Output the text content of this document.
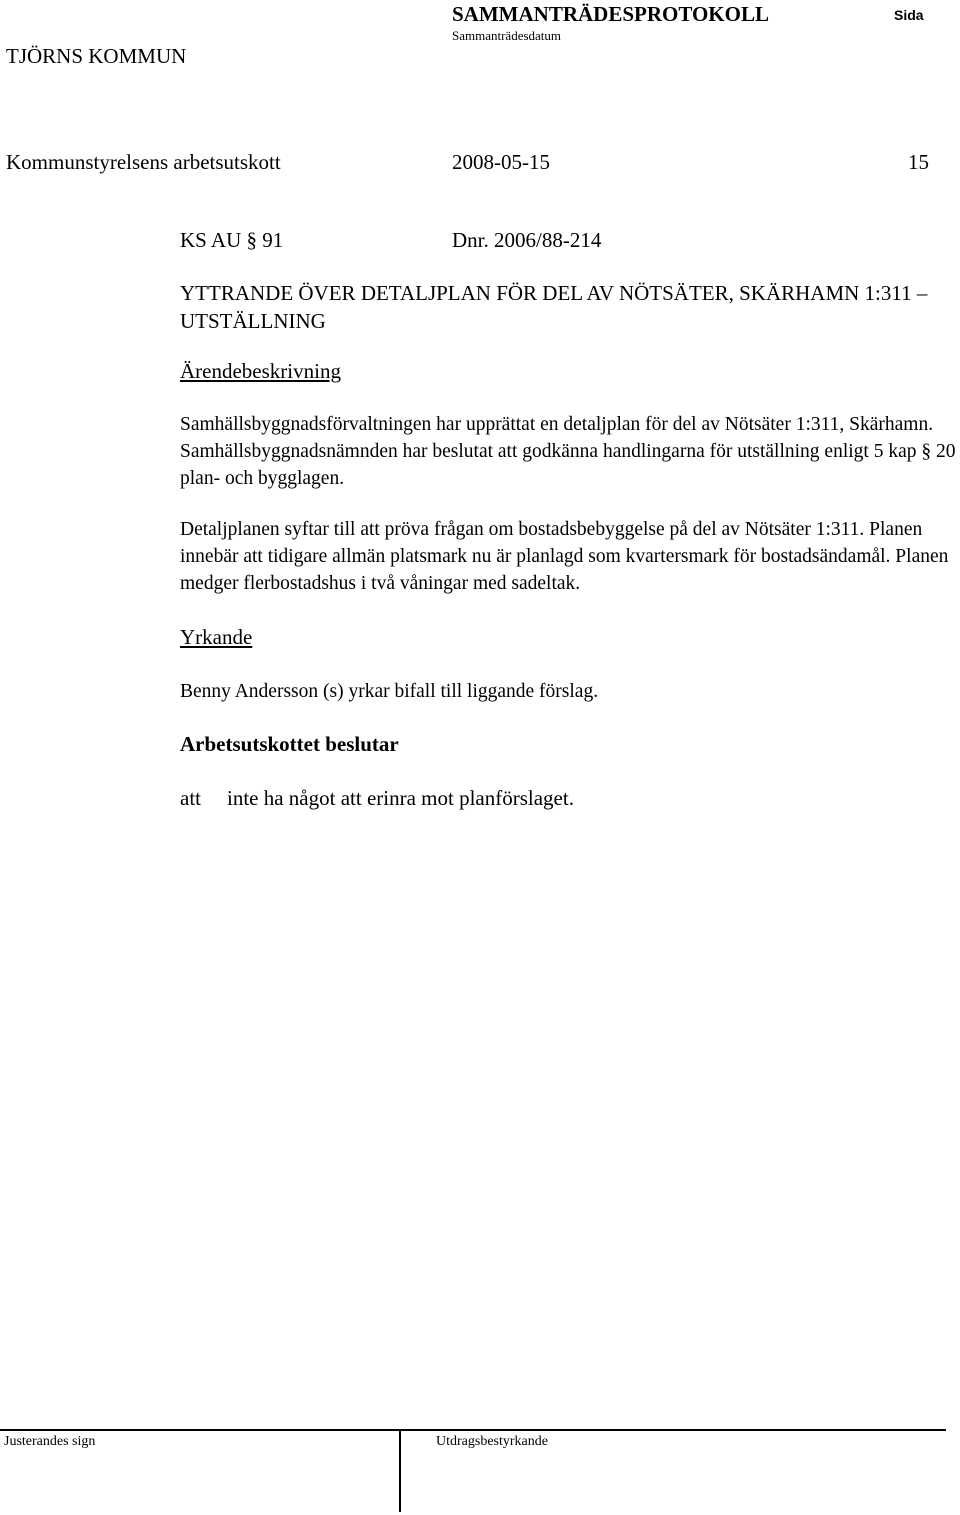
TJÖRNS KOMMUN
SAMMANTRÄDESPROTOKOLL
Sammanträdesdatum
Sida
Kommunstyrelsens arbetsutskott	2008-05-15	15
KS AU § 91	Dnr. 2006/88-214
YTTRANDE ÖVER DETALJPLAN FÖR DEL AV NÖTSÄTER, SKÄRHAMN 1:311 – UTSTÄLLNING
Ärendebeskrivning
Samhällsbyggnadsförvaltningen har upprättat en detaljplan för del av Nötsäter 1:311, Skärhamn. Samhällsbyggnadsnämnden har beslutat att godkänna handlingarna för utställning enligt 5 kap § 20 plan- och bygglagen.
Detaljplanen syftar till att pröva frågan om bostadsbebyggelse på del av Nötsäter 1:311. Planen innebär att tidigare allmän platsmark nu är planlagd som kvartersmark för bostadsändamål. Planen medger flerbostadshus i två våningar med sadeltak.
Yrkande
Benny Andersson (s) yrkar bifall till liggande förslag.
Arbetsutskottet beslutar
att inte ha något att erinra mot planförslaget.
Justerandes sign	Utdragsbestyrkande
